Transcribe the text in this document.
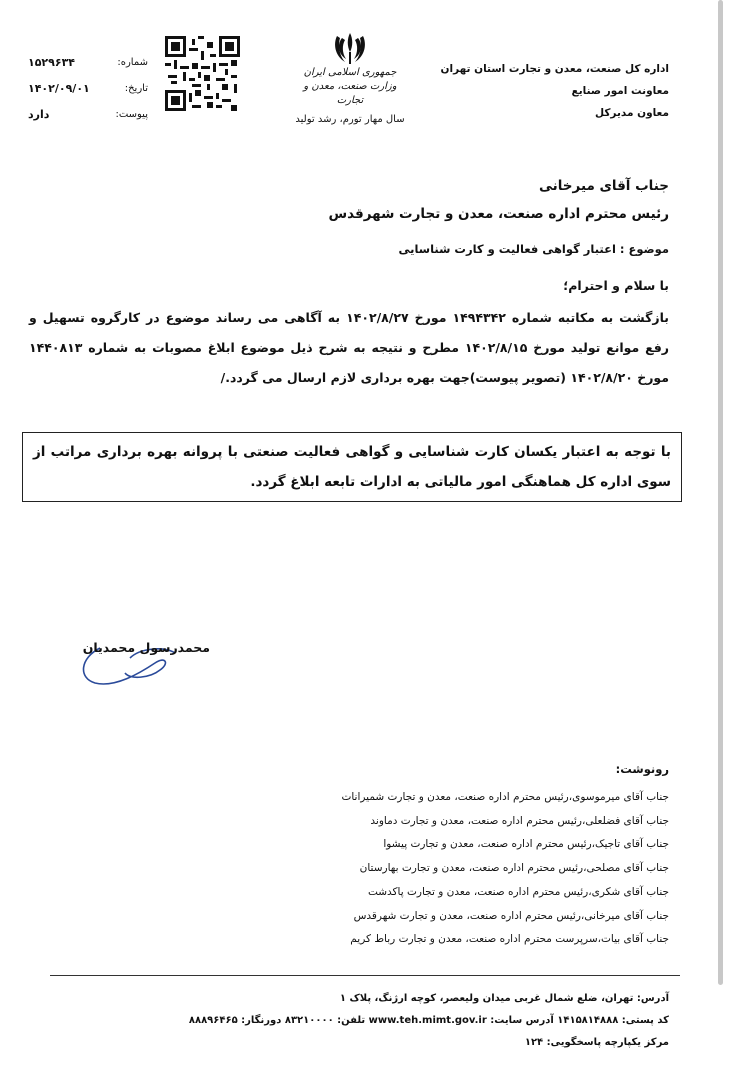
اداره کل صنعت، معدن و تجارت استان تهران
معاونت امور صنایع
معاون مدیرکل
جمهوری اسلامی ایران
وزارت صنعت، معدن و تجارت
سال مهار تورم، رشد تولید
شماره:
۱۵۲۹۶۳۴
تاریخ:
۱۴۰۲/۰۹/۰۱
پیوست:
دارد
جناب آقای میرخانی
رئیس محترم اداره صنعت، معدن و تجارت شهرقدس
موضوع : اعتبار گواهی فعالیت و کارت شناسایی
با سلام و احترام؛
بازگشت به مکاتبه شماره ۱۴۹۴۳۴۲ مورخ ۱۴۰۲/۸/۲۷ به آگاهی می رساند موضوع در کارگروه تسهیل و رفع موانع تولید مورخ ۱۴۰۲/۸/۱۵ مطرح و نتیجه به شرح ذیل موضوع ابلاغ مصوبات به شماره ۱۴۴۰۸۱۳ مورخ ۱۴۰۲/۸/۲۰ (تصویر پیوست)جهت بهره برداری لازم ارسال می گردد./
با توجه به اعتبار یکسان کارت شناسایی و گواهی فعالیت صنعتی با پروانه بهره برداری مراتب از سوی اداره کل هماهنگی امور مالیاتی به ادارات تابعه ابلاغ گردد.
محمدرسول محمدیان
رونوشت:
جناب آقای میرموسوی،رئیس محترم اداره صنعت، معدن و تجارت شمیرانات
جناب آقای فضلعلی،رئیس محترم اداره صنعت، معدن و تجارت دماوند
جناب آقای تاجیک،رئیس محترم اداره صنعت، معدن و تجارت پیشوا
جناب آقای مصلحی،رئیس محترم اداره صنعت، معدن و تجارت بهارستان
جناب آقای شکری،رئیس محترم اداره صنعت، معدن و تجارت پاکدشت
جناب آقای میرخانی،رئیس محترم اداره صنعت، معدن و تجارت شهرقدس
جناب آقای بیات،سرپرست محترم اداره صنعت، معدن و تجارت رباط کریم
آدرس: تهران، ضلع شمال غربی میدان ولیعصر، کوچه ارژنگ، پلاک ۱
کد پستی: ۱۴۱۵۸۱۴۸۸۸ آدرس سایت: www.teh.mimt.gov.ir تلفن: ۸۳۲۱۰۰۰۰ دورنگار: ۸۸۸۹۶۴۶۵
مرکز یکپارچه پاسخگویی: ۱۲۴
